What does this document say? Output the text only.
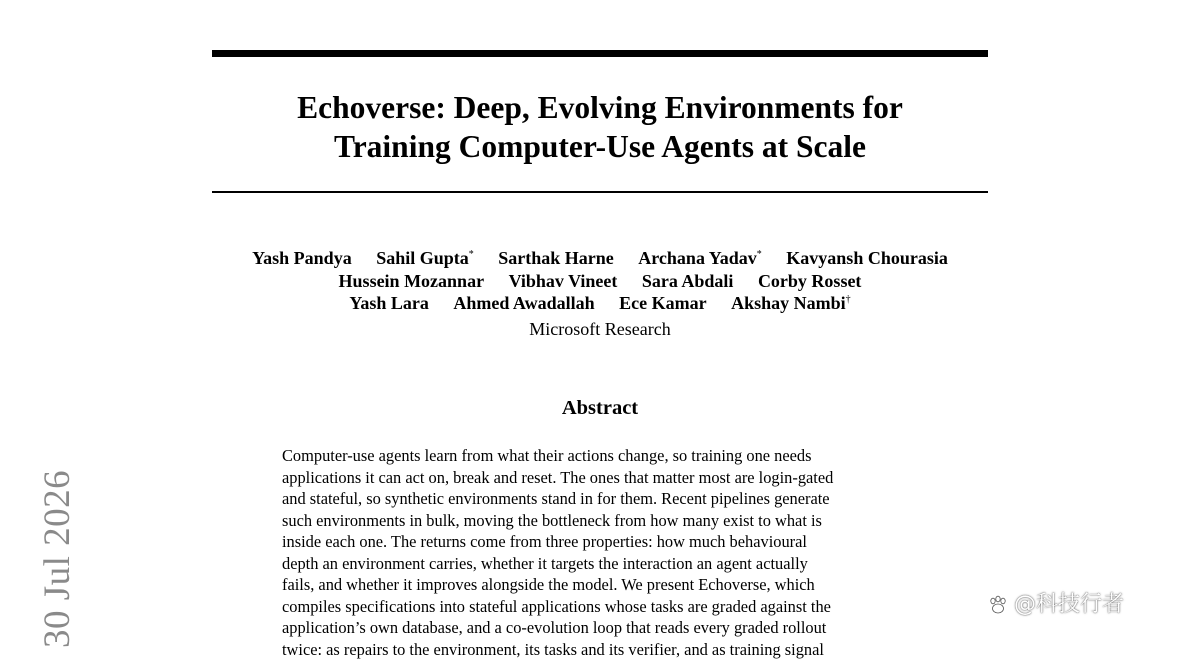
Echoverse: Deep, Evolving Environments for
Training Computer-Use Agents at Scale
Yash Pandya Sahil Gupta* Sarthak Harne Archana Yadav* Kavyansh Chourasia
Hussein Mozannar Vibhav Vineet Sara Abdali Corby Rosset
Yash Lara Ahmed Awadallah Ece Kamar Akshay Nambi†
Microsoft Research
Abstract
Computer-use agents learn from what their actions change, so training one needs
applications it can act on, break and reset. The ones that matter most are login-gated
and stateful, so synthetic environments stand in for them. Recent pipelines generate
such environments in bulk, moving the bottleneck from how many exist to what is
inside each one. The returns come from three properties: how much behavioural
depth an environment carries, whether it targets the interaction an agent actually
fails, and whether it improves alongside the model. We present Echoverse, which
compiles specifications into stateful applications whose tasks are graded against the
application’s own database, and a co-evolution loop that reads every graded rollout
twice: as repairs to the environment, its tasks and its verifier, and as training signal
30 Jul 2026	@科技行者
